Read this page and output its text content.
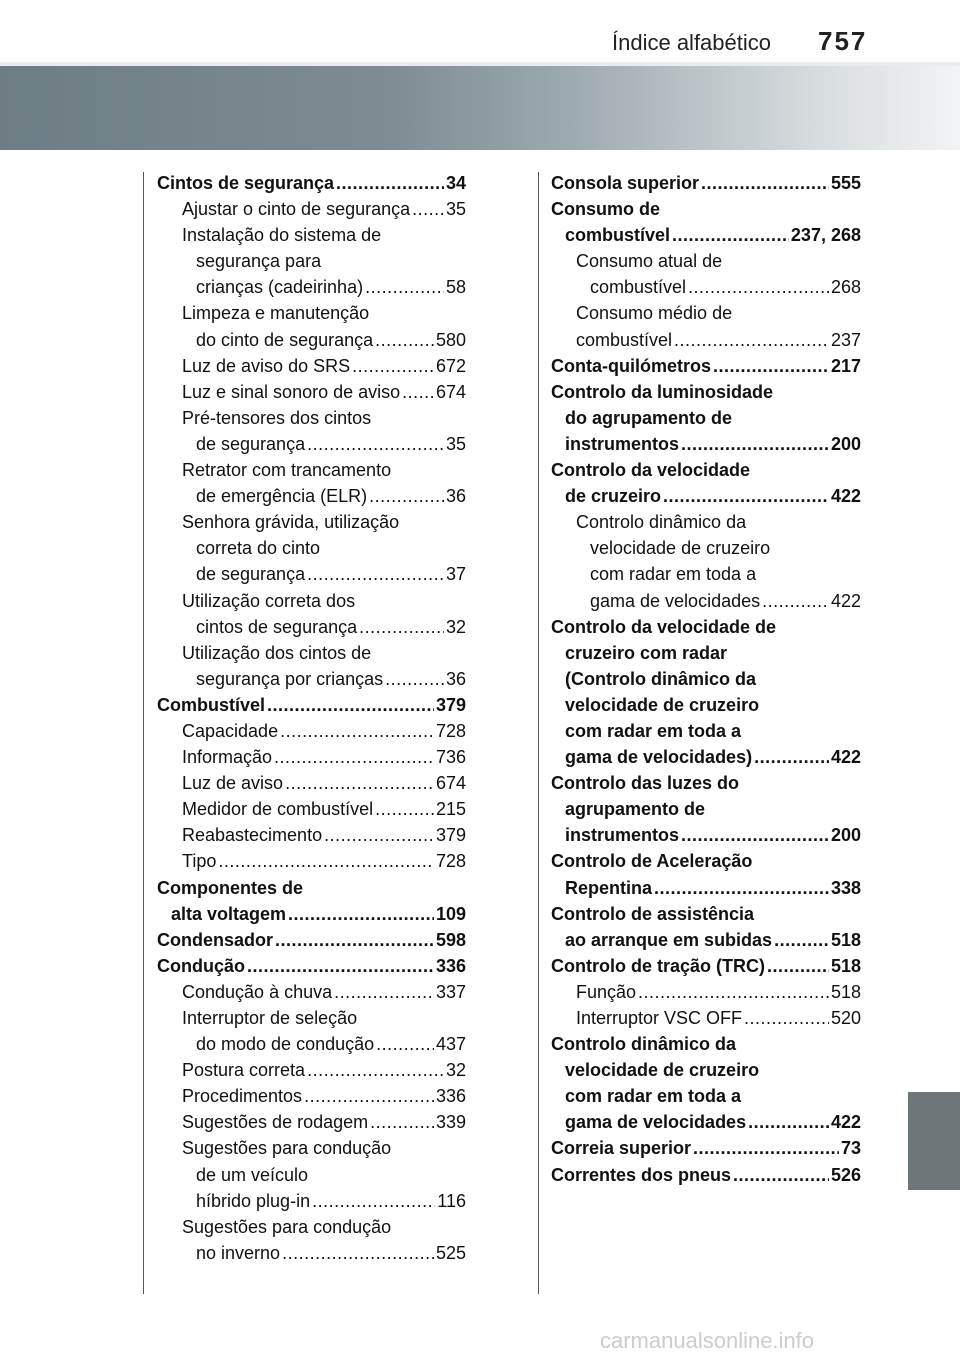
Índice alfabético 757
Cintos de segurança .....	34
Ajustar o cinto de segurança ..... 35
Instalação do sistema de
segurança para
crianças (cadeirinha) .....	58
Limpeza e manutenção
do cinto de segurança .....	580
Luz de aviso do SRS .....	672
Luz e sinal sonoro de aviso ..... 674
Pré-tensores dos cintos
de segurança .....	35
Retrator com trancamento
de emergência (ELR) .....	36
Senhora grávida, utilização
correta do cinto
de segurança .....	37
Utilização correta dos
cintos de segurança .....	32
Utilização dos cintos de
segurança por crianças .....	36
Combustível .....	379
Capacidade .....	728
Informação .....	736
Luz de aviso .....	674
Medidor de combustível .....	215
Reabastecimento .....	379
Tipo .....	728
Componentes de
alta voltagem .....	109
Condensador .....	598
Condução .....	336
Condução à chuva .....	337
Interruptor de seleção
do modo de condução .....	437
Postura correta .....	32
Procedimentos .....	336
Sugestões de rodagem .....	339
Sugestões para condução
de um veículo
híbrido plug-in .....	116
Sugestões para condução
no inverno .....	525
Consola superior .....	555
Consumo de
combustível .....	237, 268
Consumo atual de
combustível .....	268
Consumo médio de
combustível .....	237
Conta-quilómetros .....	217
Controlo da luminosidade
do agrupamento de
instrumentos .....	200
Controlo da velocidade
de cruzeiro .....	422
Controlo dinâmico da
velocidade de cruzeiro
com radar em toda a
gama de velocidades .....	422
Controlo da velocidade de
cruzeiro com radar
(Controlo dinâmico da
velocidade de cruzeiro
com radar em toda a
gama de velocidades) .....	422
Controlo das luzes do
agrupamento de
instrumentos .....	200
Controlo de Aceleração
Repentina .....	338
Controlo de assistência
ao arranque em subidas .....	518
Controlo de tração (TRC) .....	518
Função .....	518
Interruptor VSC OFF .....	520
Controlo dinâmico da
velocidade de cruzeiro
com radar em toda a
gama de velocidades .....	422
Correia superior .....	73
Correntes dos pneus .....	526
carmanualsonline.info
